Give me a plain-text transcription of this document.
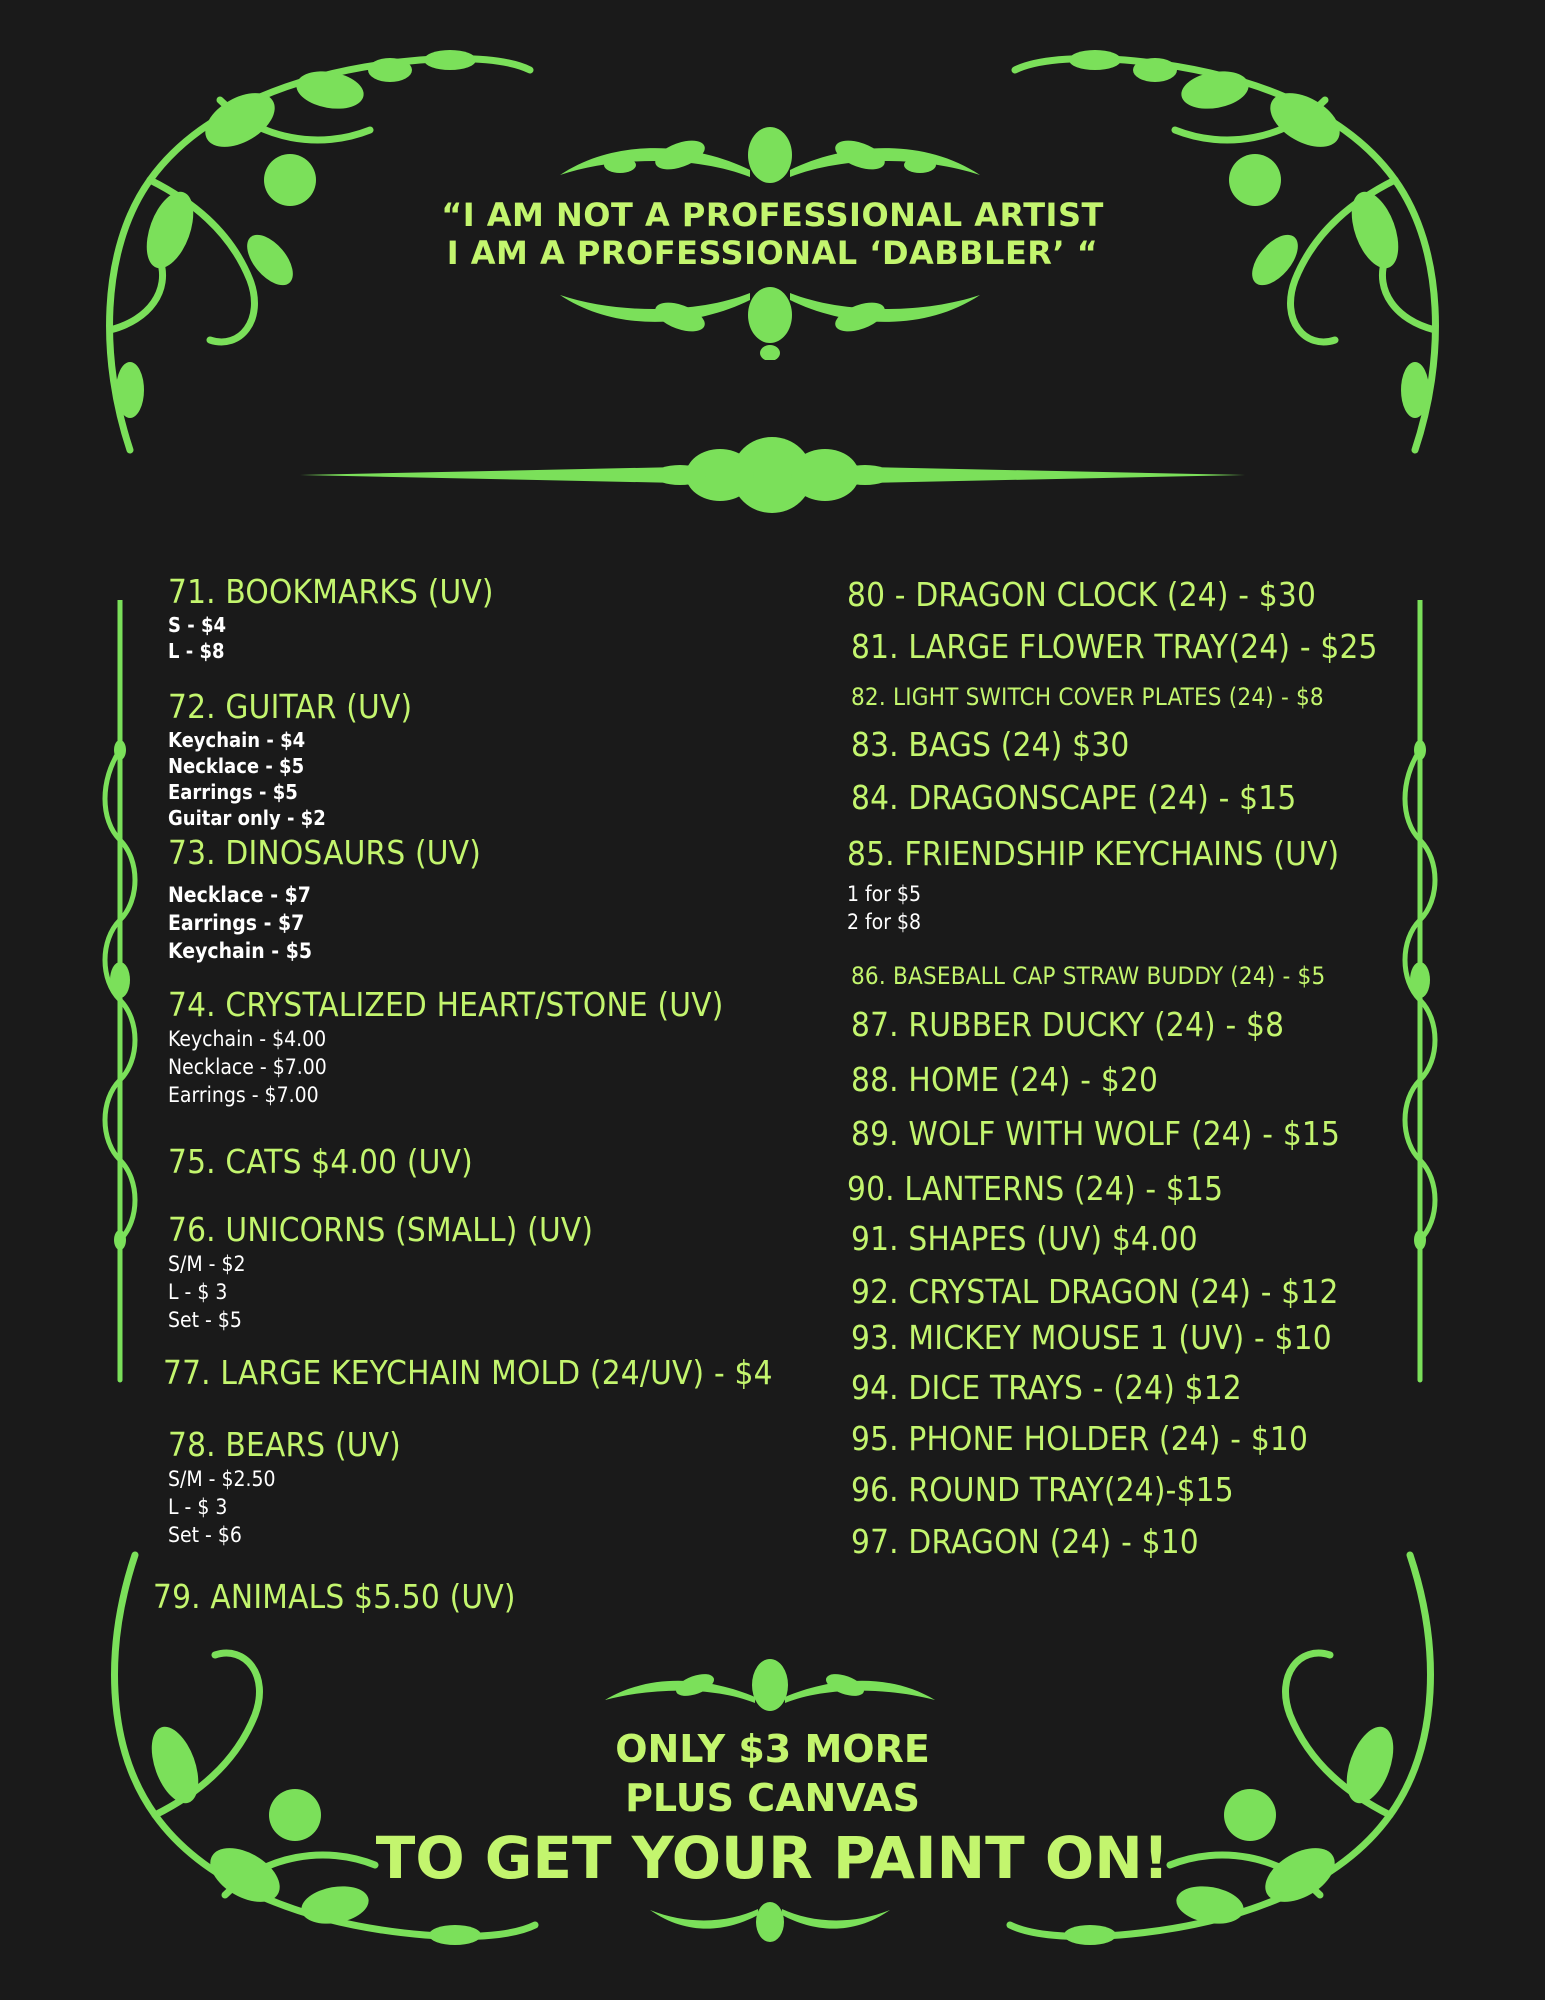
“I AM NOT A PROFESSIONAL ARTIST
I AM A PROFESSIONAL ‘DABBLER’ “
71. BOOKMARKS (UV)
S - $4
L - $8
72. GUITAR (UV)
Keychain - $4
Necklace - $5
Earrings - $5
Guitar only - $2
73. DINOSAURS (UV)
Necklace - $7
Earrings - $7
Keychain - $5
74. CRYSTALIZED HEART/STONE (UV)
Keychain - $4.00
Necklace - $7.00
Earrings - $7.00
75. CATS $4.00 (UV)
76. UNICORNS (SMALL) (UV)
S/M - $2
L - $ 3
Set - $5
77. LARGE KEYCHAIN MOLD (24/UV) - $4
78. BEARS (UV)
S/M - $2.50
L - $ 3
Set - $6
79. ANIMALS $5.50 (UV)
80 - DRAGON CLOCK (24) - $30
81. LARGE FLOWER TRAY(24) - $25
82. LIGHT SWITCH COVER PLATES (24) - $8
83. BAGS (24) $30
84. DRAGONSCAPE (24) - $15
85. FRIENDSHIP KEYCHAINS (UV)
1 for $5
2 for $8
86. BASEBALL CAP STRAW BUDDY (24) - $5
87. RUBBER DUCKY (24) - $8
88. HOME (24) - $20
89. WOLF WITH WOLF (24) - $15
90. LANTERNS (24) - $15
91. SHAPES (UV) $4.00
92. CRYSTAL DRAGON (24) - $12
93. MICKEY MOUSE 1 (UV) - $10
94. DICE TRAYS - (24) $12
95. PHONE HOLDER (24) - $10
96. ROUND TRAY(24)-$15
97. DRAGON (24) - $10
ONLY $3 MORE
PLUS CANVAS
TO GET YOUR PAINT ON!
